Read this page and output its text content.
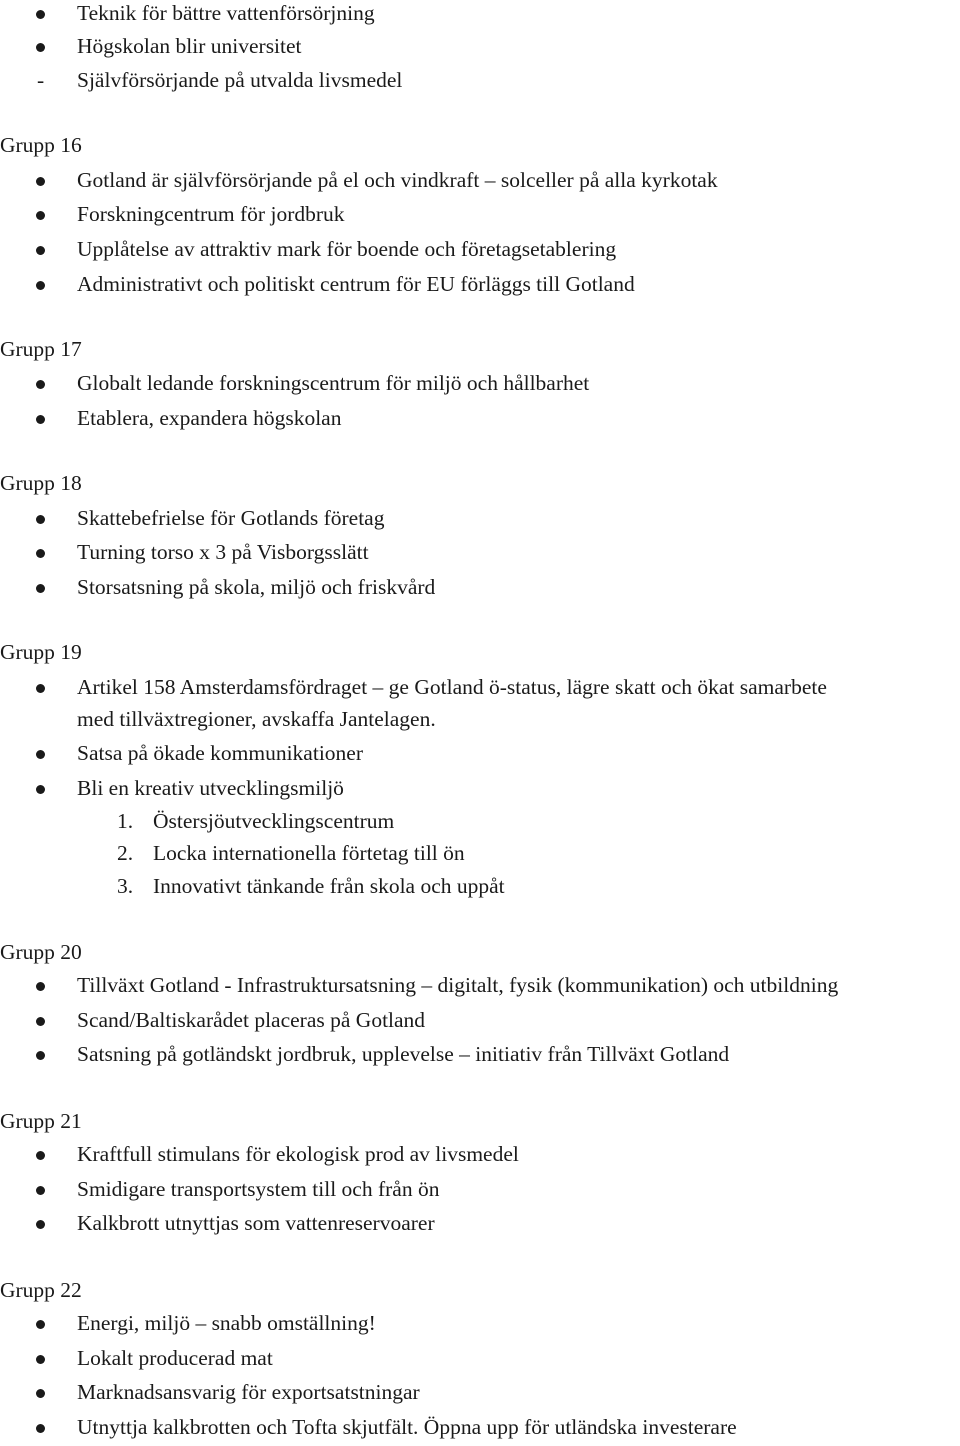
Teknik för bättre vattenförsörjning
Högskolan blir universitet
- Självförsörjande på utvalda livsmedel
Grupp 16
Gotland är självförsörjande på el och vindkraft – solceller på alla kyrkotak
Forskningcentrum för jordbruk
Upplåtelse av attraktiv mark för boende och företagsetablering
Administrativt och politiskt centrum för EU förläggs till Gotland
Grupp 17
Globalt ledande forskningscentrum för miljö och hållbarhet
Etablera, expandera högskolan
Grupp 18
Skattebefrielse för Gotlands företag
Turning torso x 3 på Visborgsslätt
Storsatsning på skola, miljö och friskvård
Grupp 19
Artikel 158 Amsterdamsfördraget – ge Gotland ö-status, lägre skatt och ökat samarbete
med tillväxtregioner, avskaffa Jantelagen.
Satsa på ökade kommunikationer
Bli en kreativ utvecklingsmiljö
1. Östersjöutvecklingscentrum
2. Locka internationella förtetag till ön
3. Innovativt tänkande från skola och uppåt
Grupp 20
Tillväxt Gotland - Infrastruktursatsning – digitalt, fysik (kommunikation) och utbildning
Scand/Baltiskarådet placeras på Gotland
Satsning på gotländskt jordbruk, upplevelse – initiativ från Tillväxt Gotland
Grupp 21
Kraftfull stimulans för ekologisk prod av livsmedel
Smidigare transportsystem till och från ön
Kalkbrott utnyttjas som vattenreservoarer
Grupp 22
Energi, miljö – snabb omställning!
Lokalt producerad mat
Marknadsansvarig för exportsatstningar
Utnyttja kalkbrotten och Tofta skjutfält. Öppna upp för utländska investerare
